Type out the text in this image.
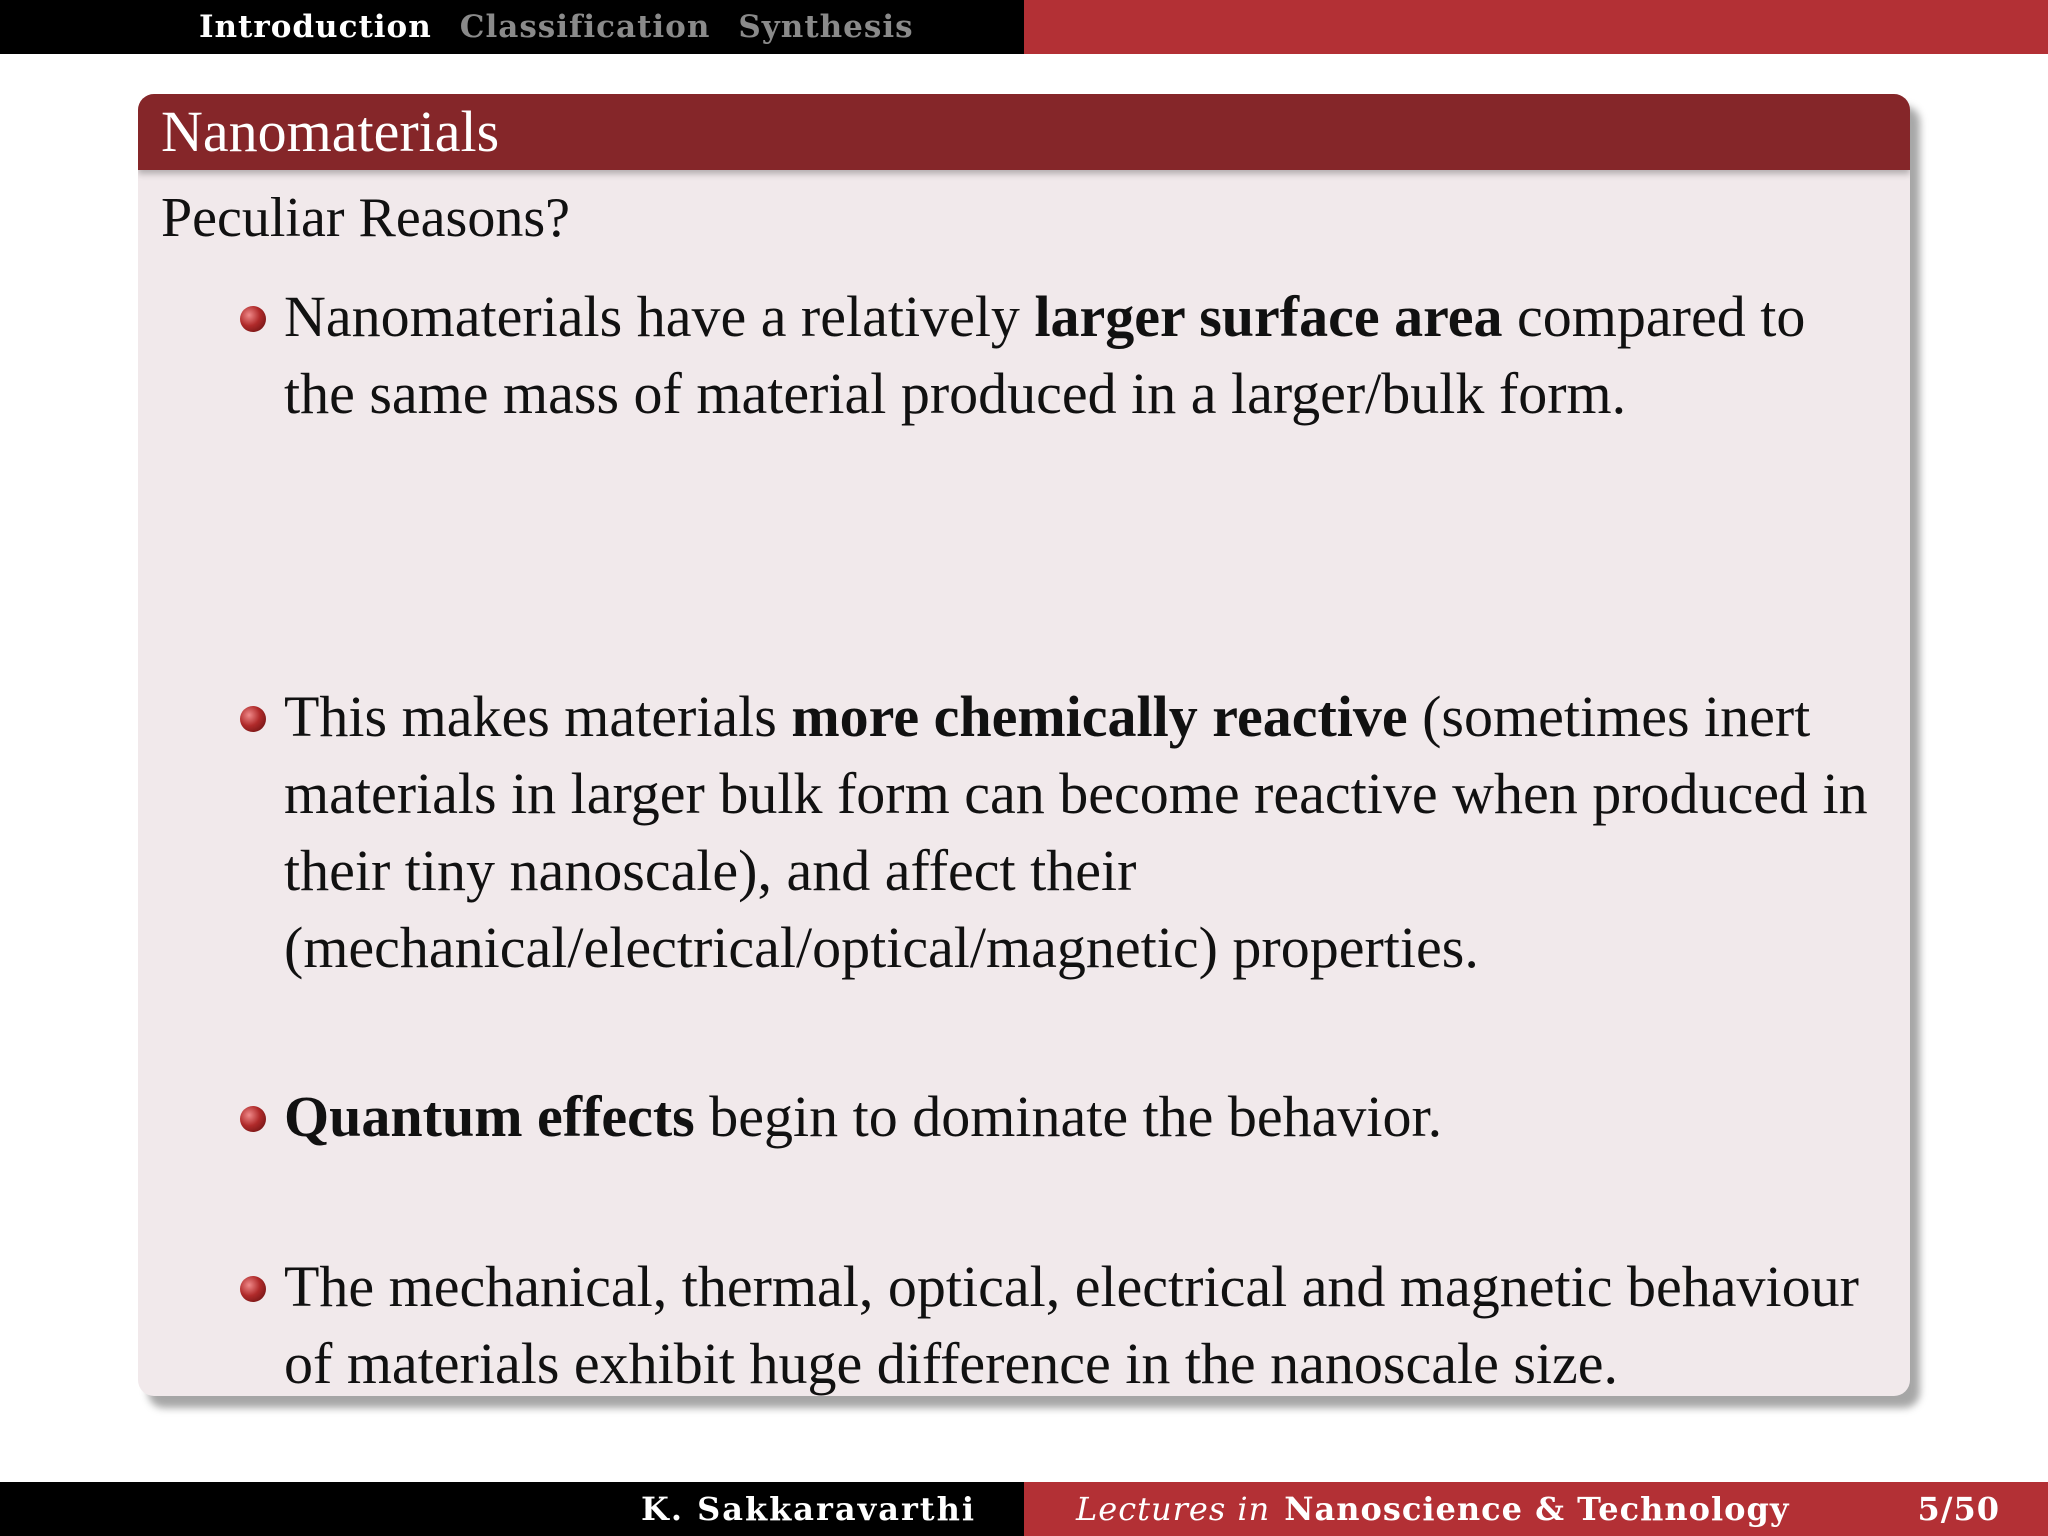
Introduction Classification Synthesis
Nanomaterials
Peculiar Reasons?
Nanomaterials have a relatively larger surface area compared to the same mass of material produced in a larger/bulk form.
This makes materials more chemically reactive (sometimes inert materials in larger bulk form can become reactive when produced in their tiny nanoscale), and affect their (mechanical/electrical/optical/magnetic) properties.
Quantum effects begin to dominate the behavior.
The mechanical, thermal, optical, electrical and magnetic behaviour of materials exhibit huge difference in the nanoscale size.
K. Sakkaravarthi	Lectures in Nanoscience & Technology	5/50
